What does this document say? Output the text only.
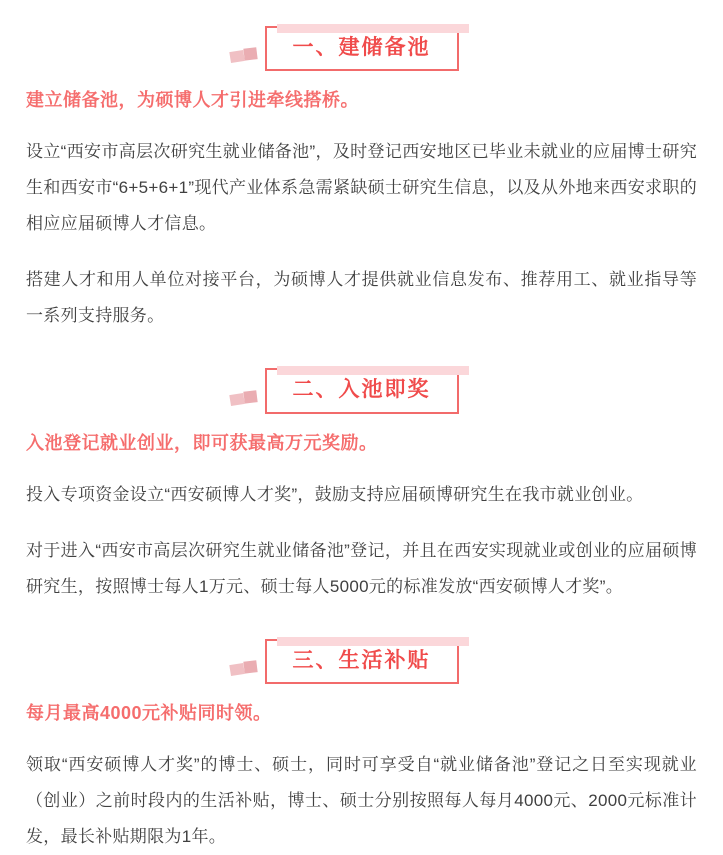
一、建储备池

建立储备池，为硕博人才引进牵线搭桥。

设立“西安市高层次研究生就业储备池”，及时登记西安地区已毕业未就业的应届博士研究生和西安市“6+5+6+1”现代产业体系急需紧缺硕士研究生信息，以及从外地来西安求职的相应应届硕博人才信息。

搭建人才和用人单位对接平台，为硕博人才提供就业信息发布、推荐用工、就业指导等一系列支持服务。

二、入池即奖

入池登记就业创业，即可获最高万元奖励。

投入专项资金设立“西安硕博人才奖”，鼓励支持应届硕博研究生在我市就业创业。

对于进入“西安市高层次研究生就业储备池”登记，并且在西安实现就业或创业的应届硕博研究生，按照博士每人1万元、硕士每人5000元的标准发放“西安硕博人才奖”。

三、生活补贴

每月最高4000元补贴同时领。

领取“西安硕博人才奖”的博士、硕士，同时可享受自“就业储备池”登记之日至实现就业（创业）之前时段内的生活补贴，博士、硕士分别按照每人每月4000元、2000元标准计发，最长补贴期限为1年。
